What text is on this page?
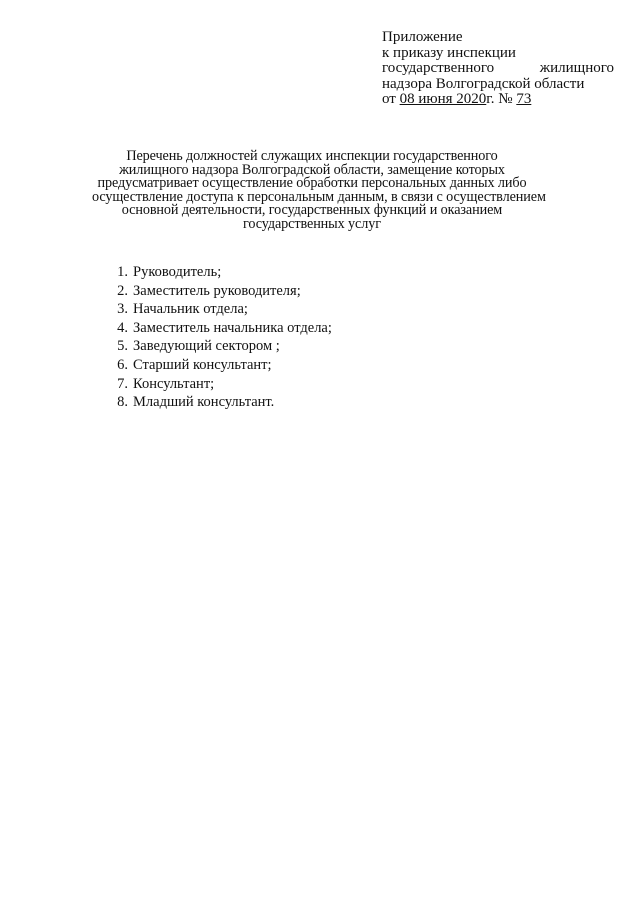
Приложение
к приказу инспекции
государственного	жилищного
надзора Волгоградской области
от 08 июня 2020г. № 73
Перечень должностей служащих инспекции государственного
жилищного надзора Волгоградской области, замещение которых
предусматривает осуществление обработки персональных данных либо
осуществление доступа к персональным данным, в связи с осуществлением
основной деятельности, государственных функций и оказанием
государственных услуг
1. Руководитель;
2. Заместитель руководителя;
3. Начальник отдела;
4. Заместитель начальника отдела;
5. Заведующий сектором ;
6. Старший консультант;
7. Консультант;
8. Младший консультант.
